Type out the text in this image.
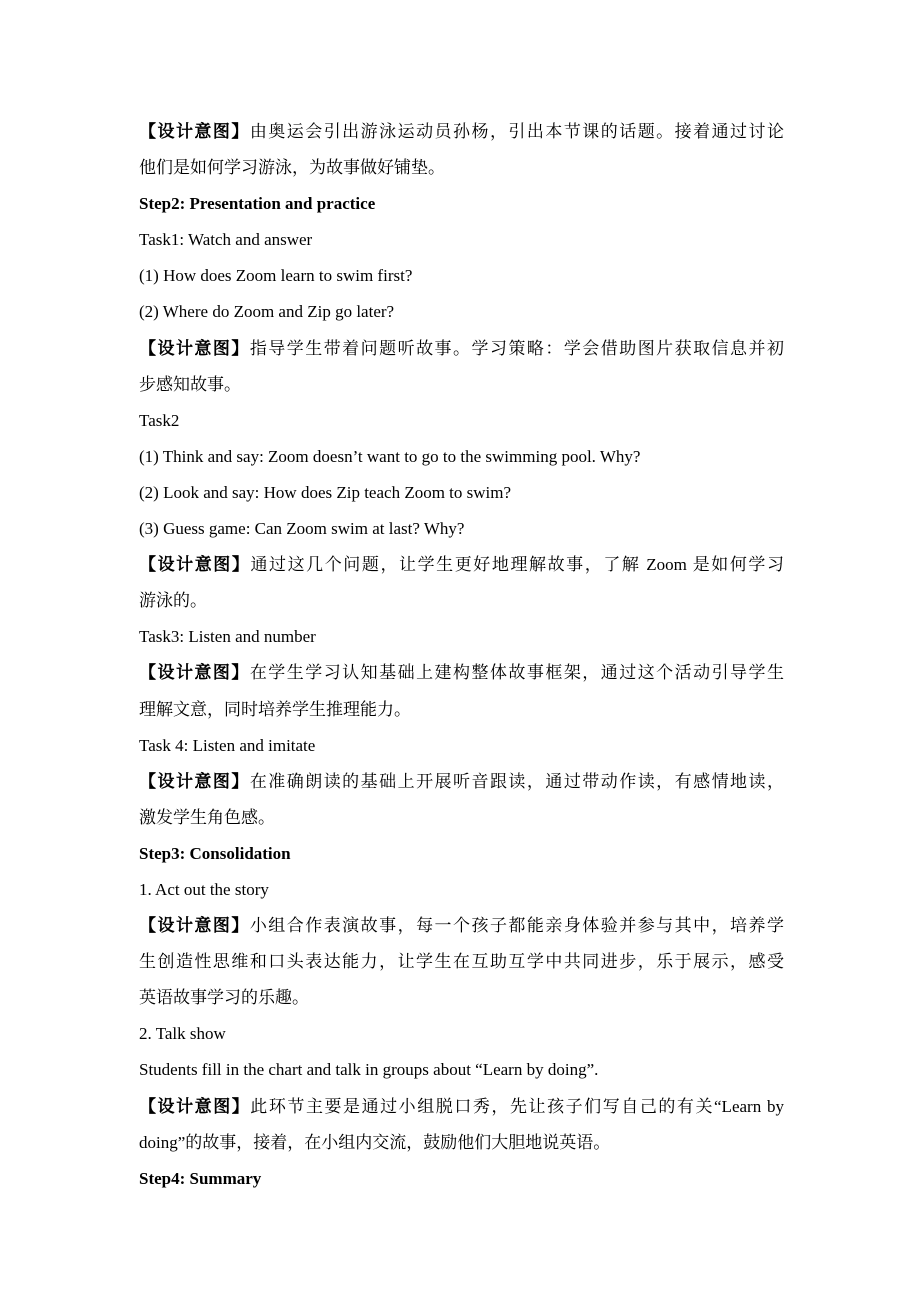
【设计意图】由奥运会引出游泳运动员孙杨，引出本节课的话题。接着通过讨论
他们是如何学习游泳，为故事做好铺垫。
Step2: Presentation and practice
Task1: Watch and answer
(1) How does Zoom learn to swim first?
(2) Where do Zoom and Zip go later?
【设计意图】指导学生带着问题听故事。学习策略：学会借助图片获取信息并初
步感知故事。
Task2
(1) Think and say: Zoom doesn’t want to go to the swimming pool. Why?
(2) Look and say: How does Zip teach Zoom to swim?
(3) Guess game: Can Zoom swim at last? Why?
【设计意图】通过这几个问题，让学生更好地理解故事，了解 Zoom 是如何学习
游泳的。
Task3: Listen and number
【设计意图】在学生学习认知基础上建构整体故事框架，通过这个活动引导学生
理解文意，同时培养学生推理能力。
Task 4: Listen and imitate
【设计意图】在准确朗读的基础上开展听音跟读，通过带动作读，有感情地读，
激发学生角色感。
Step3: Consolidation
1. Act out the story
【设计意图】小组合作表演故事，每一个孩子都能亲身体验并参与其中，培养学
生创造性思维和口头表达能力，让学生在互助互学中共同进步，乐于展示，感受
英语故事学习的乐趣。
2. Talk show
Students fill in the chart and talk in groups about “Learn by doing”.
【设计意图】此环节主要是通过小组脱口秀，先让孩子们写自己的有关“Learn by
doing”的故事，接着，在小组内交流，鼓励他们大胆地说英语。
Step4: Summary
